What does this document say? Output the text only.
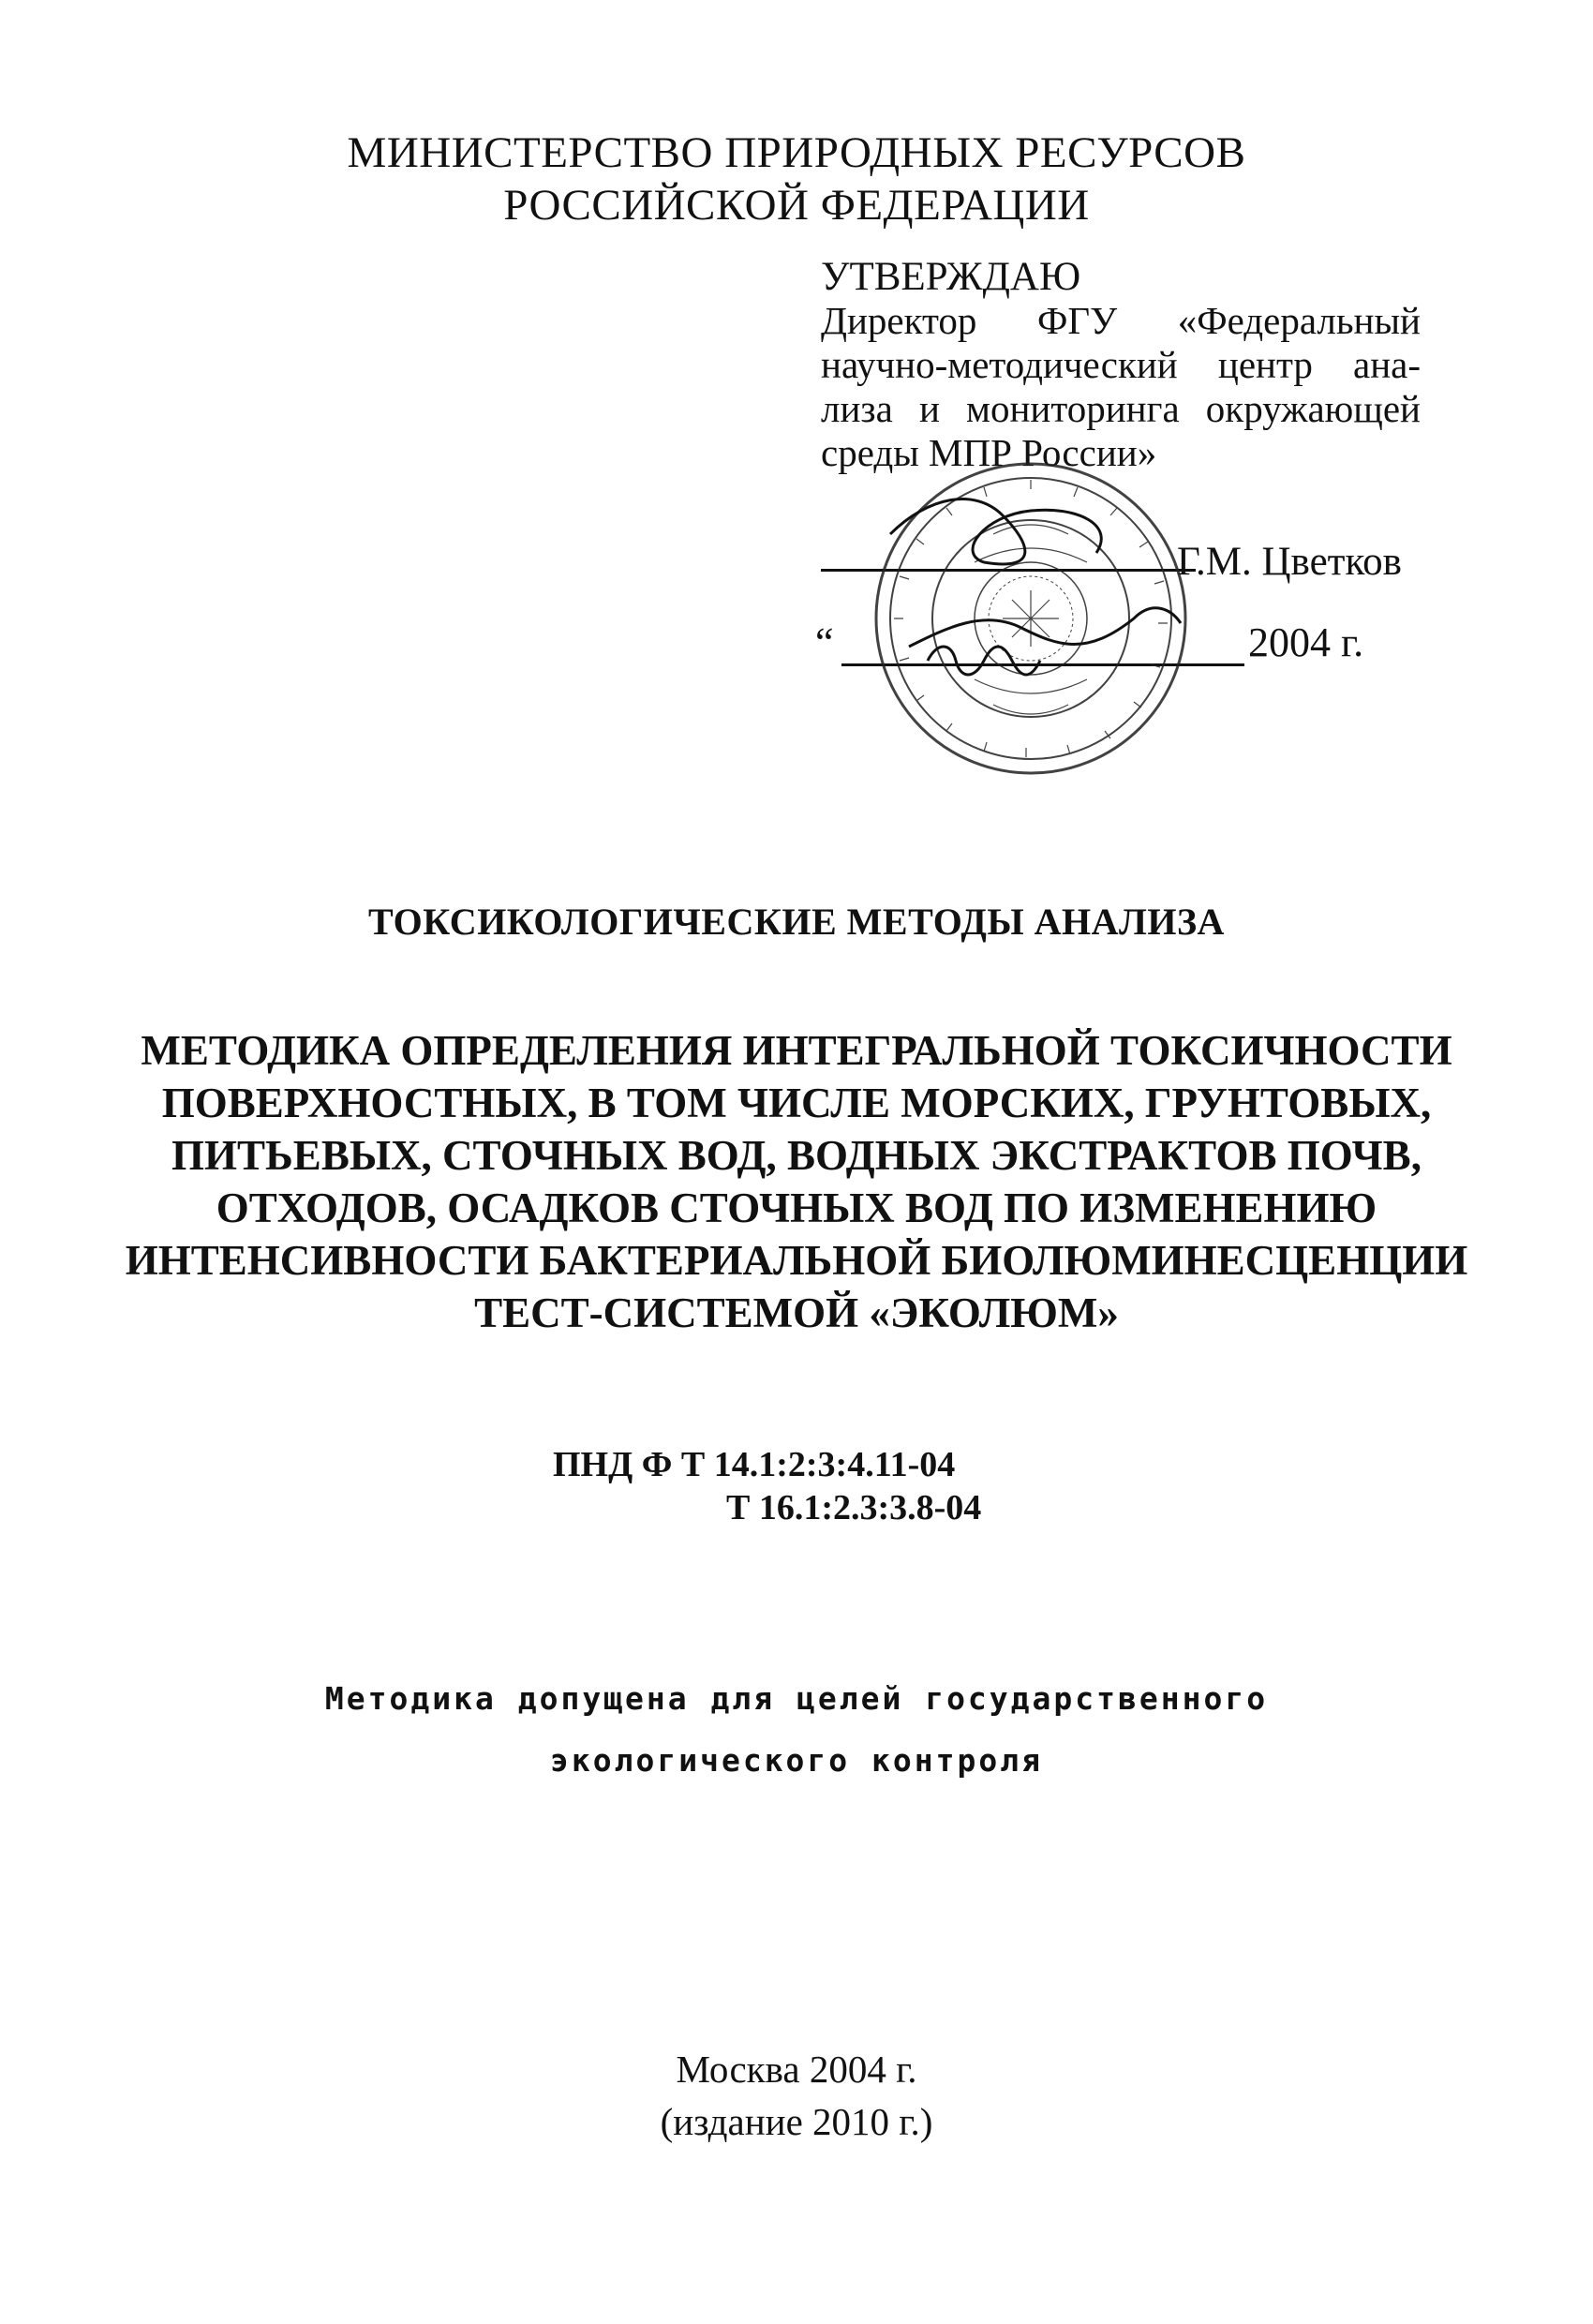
МИНИСТЕРСТВО ПРИРОДНЫХ РЕСУРСОВ
РОССИЙСКОЙ ФЕДЕРАЦИИ
УТВЕРЖДАЮ
Директор ФГУ «Федеральный
научно-методический центр ана-
лиза и мониторинга окружающей
среды МПР России»
Г.М. Цветков
“	2004 г.
ТОКСИКОЛОГИЧЕСКИЕ МЕТОДЫ АНАЛИЗА
МЕТОДИКА ОПРЕДЕЛЕНИЯ ИНТЕГРАЛЬНОЙ ТОКСИЧНОСТИ
ПОВЕРХНОСТНЫХ, В ТОМ ЧИСЛЕ МОРСКИХ, ГРУНТОВЫХ,
ПИТЬЕВЫХ, СТОЧНЫХ ВОД, ВОДНЫХ ЭКСТРАКТОВ ПОЧВ,
ОТХОДОВ, ОСАДКОВ СТОЧНЫХ ВОД ПО ИЗМЕНЕНИЮ
ИНТЕНСИВНОСТИ БАКТЕРИАЛЬНОЙ БИОЛЮМИНЕСЦЕНЦИИ
ТЕСТ-СИСТЕМОЙ «ЭКОЛЮМ»
ПНД Ф Т 14.1:2:3:4.11-04
Т 16.1:2.3:3.8-04
Методика допущена для целей государственного
экологического контроля
Москва 2004 г.
(издание 2010 г.)
